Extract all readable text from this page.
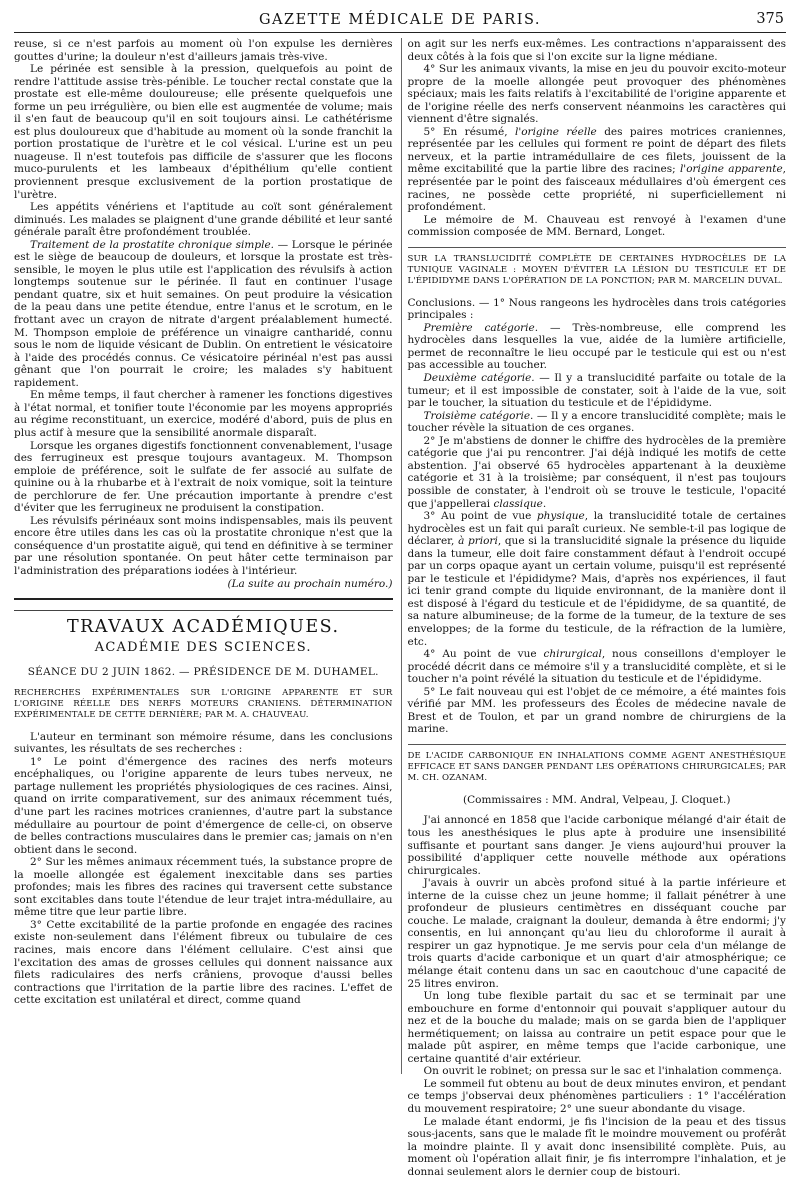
GAZETTE MÉDICALE DE PARIS.	375

reuse, si ce n'est parfois au moment où l'on expulse les dernières gouttes d'urine; la douleur n'est d'ailleurs jamais très-vive.

Le périnée est sensible à la pression, quelquefois au point de rendre l'attitude assise très-pénible. Le toucher rectal constate que la prostate est elle-même douloureuse; elle présente quelquefois une forme un peu irrégulière, ou bien elle est augmentée de volume; mais il s'en faut de beaucoup qu'il en soit toujours ainsi. Le cathétérisme est plus douloureux que d'habitude au moment où la sonde franchit la portion prostatique de l'urètre et le col vésical. L'urine est un peu nuageuse. Il n'est toutefois pas difficile de s'assurer que les flocons muco-purulents et les lambeaux d'épithélium qu'elle contient proviennent presque exclusivement de la portion prostatique de l'urètre.

Les appétits vénériens et l'aptitude au coït sont généralement diminués. Les malades se plaignent d'une grande débilité et leur santé générale paraît être profondément troublée.

Traitement de la prostatite chronique simple. — Lorsque le périnée est le siège de beaucoup de douleurs, et lorsque la prostate est très-sensible, le moyen le plus utile est l'application des révulsifs à action longtemps soutenue sur le périnée. Il faut en continuer l'usage pendant quatre, six et huit semaines. On peut produire la vésication de la peau dans une petite étendue, entre l'anus et le scrotum, en le frottant avec un crayon de nitrate d'argent préalablement humecté. M. Thompson emploie de préférence un vinaigre cantharidé, connu sous le nom de liquide vésicant de Dublin. On entretient le vésicatoire à l'aide des procédés connus. Ce vésicatoire périnéal n'est pas aussi gênant que l'on pourrait le croire; les malades s'y habituent rapidement.

En même temps, il faut chercher à ramener les fonctions digestives à l'état normal, et tonifier toute l'économie par les moyens appropriés au régime reconstituant, un exercice, modéré d'abord, puis de plus en plus actif à mesure que la sensibilité anormale disparaît.

Lorsque les organes digestifs fonctionnent convenablement, l'usage des ferrugineux est presque toujours avantageux. M. Thompson emploie de préférence, soit le sulfate de fer associé au sulfate de quinine ou à la rhubarbe et à l'extrait de noix vomique, soit la teinture de perchlorure de fer. Une précaution importante à prendre c'est d'éviter que les ferrugineux ne produisent la constipation.

Les révulsifs périnéaux sont moins indispensables, mais ils peuvent encore être utiles dans les cas où la prostatite chronique n'est que la conséquence d'un prostatite aiguë, qui tend en définitive à se terminer par une résolution spontanée. On peut hâter cette terminaison par l'administration des préparations iodées à l'intérieur.

(La suite au prochain numéro.)

TRAVAUX ACADÉMIQUES.
ACADÉMIE DES SCIENCES.
SÉANCE DU 2 JUIN 1862. — PRÉSIDENCE DE M. DUHAMEL.
RECHERCHES EXPÉRIMENTALES SUR L'ORIGINE APPARENTE ET SUR L'ORIGINE RÉELLE DES NERFS MOTEURS CRANIENS. DÉTERMINATION EXPÉRIMENTALE DE CETTE DERNIÈRE; PAR M. A. CHAUVEAU.

L'auteur en terminant son mémoire résume, dans les conclusions suivantes, les résultats de ses recherches :

1° Le point d'émergence des racines des nerfs moteurs encéphaliques, ou l'origine apparente de leurs tubes nerveux, ne partage nullement les propriétés physiologiques de ces racines. Ainsi, quand on irrite comparativement, sur des animaux récemment tués, d'une part les racines motrices craniennes, d'autre part la substance médullaire au pourtour de point d'émergence de celle-ci, on observe de belles contractions musculaires dans le premier cas; jamais on n'en obtient dans le second.

2° Sur les mêmes animaux récemment tués, la substance propre de la moelle allongée est également inexcitable dans ses parties profondes; mais les fibres des racines qui traversent cette substance sont excitables dans toute l'étendue de leur trajet intra-médullaire, au même titre que leur partie libre.

3° Cette excitabilité de la partie profonde en engagée des racines existe non-seulement dans l'élément fibreux ou tubulaire de ces racines, mais encore dans l'élément cellulaire. C'est ainsi que l'excitation des amas de grosses cellules qui donnent naissance aux filets radiculaires des nerfs crâniens, provoque d'aussi belles contractions que l'irritation de la partie libre des racines. L'effet de cette excitation est unilatéral et direct, comme quand

on agit sur les nerfs eux-mêmes. Les contractions n'apparaissent des deux côtés à la fois que si l'on excite sur la ligne médiane.

4° Sur les animaux vivants, la mise en jeu du pouvoir excito-moteur propre de la moelle allongée peut provoquer des phénomènes spéciaux; mais les faits relatifs à l'excitabilité de l'origine apparente et de l'origine réelle des nerfs conservent néanmoins les caractères qui viennent d'être signalés.

5° En résumé, l'origine réelle des paires motrices craniennes, représentée par les cellules qui forment re point de départ des filets nerveux, et la partie intramédullaire de ces filets, jouissent de la même excitabilité que la partie libre des racines; l'origine apparente, représentée par le point des faisceaux médullaires d'où émergent ces racines, ne possède cette propriété, ni superficiellement ni profondément.

Le mémoire de M. Chauveau est renvoyé à l'examen d'une commission composée de MM. Bernard, Longet.

SUR LA TRANSLUCIDITÉ COMPLÈTE DE CERTAINES HYDROCÈLES DE LA TUNIQUE VAGINALE : MOYEN D'ÉVITER LA LÉSION DU TESTICULE ET DE L'ÉPIDIDYME DANS L'OPÉRATION DE LA PONCTION; PAR M. MARCELIN DUVAL.

Conclusions. — 1° Nous rangeons les hydrocèles dans trois catégories principales :

Première catégorie. — Très-nombreuse, elle comprend les hydrocèles dans lesquelles la vue, aidée de la lumière artificielle, permet de reconnaître le lieu occupé par le testicule qui est ou n'est pas accessible au toucher.

Deuxième catégorie. — Il y a translucidité parfaite ou totale de la tumeur; et il est impossible de constater, soit à l'aide de la vue, soit par le toucher, la situation du testicule et de l'épididyme.

Troisième catégorie. — Il y a encore translucidité complète; mais le toucher révèle la situation de ces organes.

2° Je m'abstiens de donner le chiffre des hydrocèles de la première catégorie que j'ai pu rencontrer. J'ai déjà indiqué les motifs de cette abstention. J'ai observé 65 hydrocèles appartenant à la deuxième catégorie et 31 à la troisième; par conséquent, il n'est pas toujours possible de constater, à l'endroit où se trouve le testicule, l'opacité que j'appellerai classique.

3° Au point de vue physique, la translucidité totale de certaines hydrocèles est un fait qui paraît curieux. Ne semble-t-il pas logique de déclarer, à priori, que si la translucidité signale la présence du liquide dans la tumeur, elle doit faire constamment défaut à l'endroit occupé par un corps opaque ayant un certain volume, puisqu'il est représenté par le testicule et l'épididyme? Mais, d'après nos expériences, il faut ici tenir grand compte du liquide environnant, de la manière dont il est disposé à l'égard du testicule et de l'épididyme, de sa quantité, de sa nature albumineuse; de la forme de la tumeur, de la texture de ses enveloppes; de la forme du testicule, de la réfraction de la lumière, etc.

4° Au point de vue chirurgical, nous conseillons d'employer le procédé décrit dans ce mémoire s'il y a translucidité complète, et si le toucher n'a point révélé la situation du testicule et de l'épididyme.

5° Le fait nouveau qui est l'objet de ce mémoire, a été maintes fois vérifié par MM. les professeurs des Écoles de médecine navale de Brest et de Toulon, et par un grand nombre de chirurgiens de la marine.

DE L'ACIDE CARBONIQUE EN INHALATIONS COMME AGENT ANESTHÉSIQUE EFFICACE ET SANS DANGER PENDANT LES OPÉRATIONS CHIRURGICALES; PAR M. CH. OZANAM.
(Commissaires : MM. Andral, Velpeau, J. Cloquet.)

J'ai annoncé en 1858 que l'acide carbonique mélangé d'air était de tous les anesthésiques le plus apte à produire une insensibilité suffisante et pourtant sans danger. Je viens aujourd'hui prouver la possibilité d'appliquer cette nouvelle méthode aux opérations chirurgicales.

J'avais à ouvrir un abcès profond situé à la partie inférieure et interne de la cuisse chez un jeune homme; il fallait pénétrer à une profondeur de plusieurs centimètres en disséquant couche par couche. Le malade, craignant la douleur, demanda à être endormi; j'y consentis, en lui annonçant qu'au lieu du chloroforme il aurait à respirer un gaz hypnotique. Je me servis pour cela d'un mélange de trois quarts d'acide carbonique et un quart d'air atmosphérique; ce mélange était contenu dans un sac en caoutchouc d'une capacité de 25 litres environ.

Un long tube flexible partait du sac et se terminait par une embouchure en forme d'entonnoir qui pouvait s'appliquer autour du nez et de la bouche du malade; mais on se garda bien de l'appliquer hermétiquement; on laissa au contraire un petit espace pour que le malade pût aspirer, en même temps que l'acide carbonique, une certaine quantité d'air extérieur.

On ouvrit le robinet; on pressa sur le sac et l'inhalation commença.

Le sommeil fut obtenu au bout de deux minutes environ, et pendant ce temps j'observai deux phénomènes particuliers : 1° l'accélération du mouvement respiratoire; 2° une sueur abondante du visage.

Le malade étant endormi, je fis l'incision de la peau et des tissus sous-jacents, sans que le malade fît le moindre mouvement ou proférât la moindre plainte. Il y avait donc insensibilité complète. Puis, au moment où l'opération allait finir, je fis interrompre l'inhalation, et je donnai seulement alors le dernier coup de bistouri.
